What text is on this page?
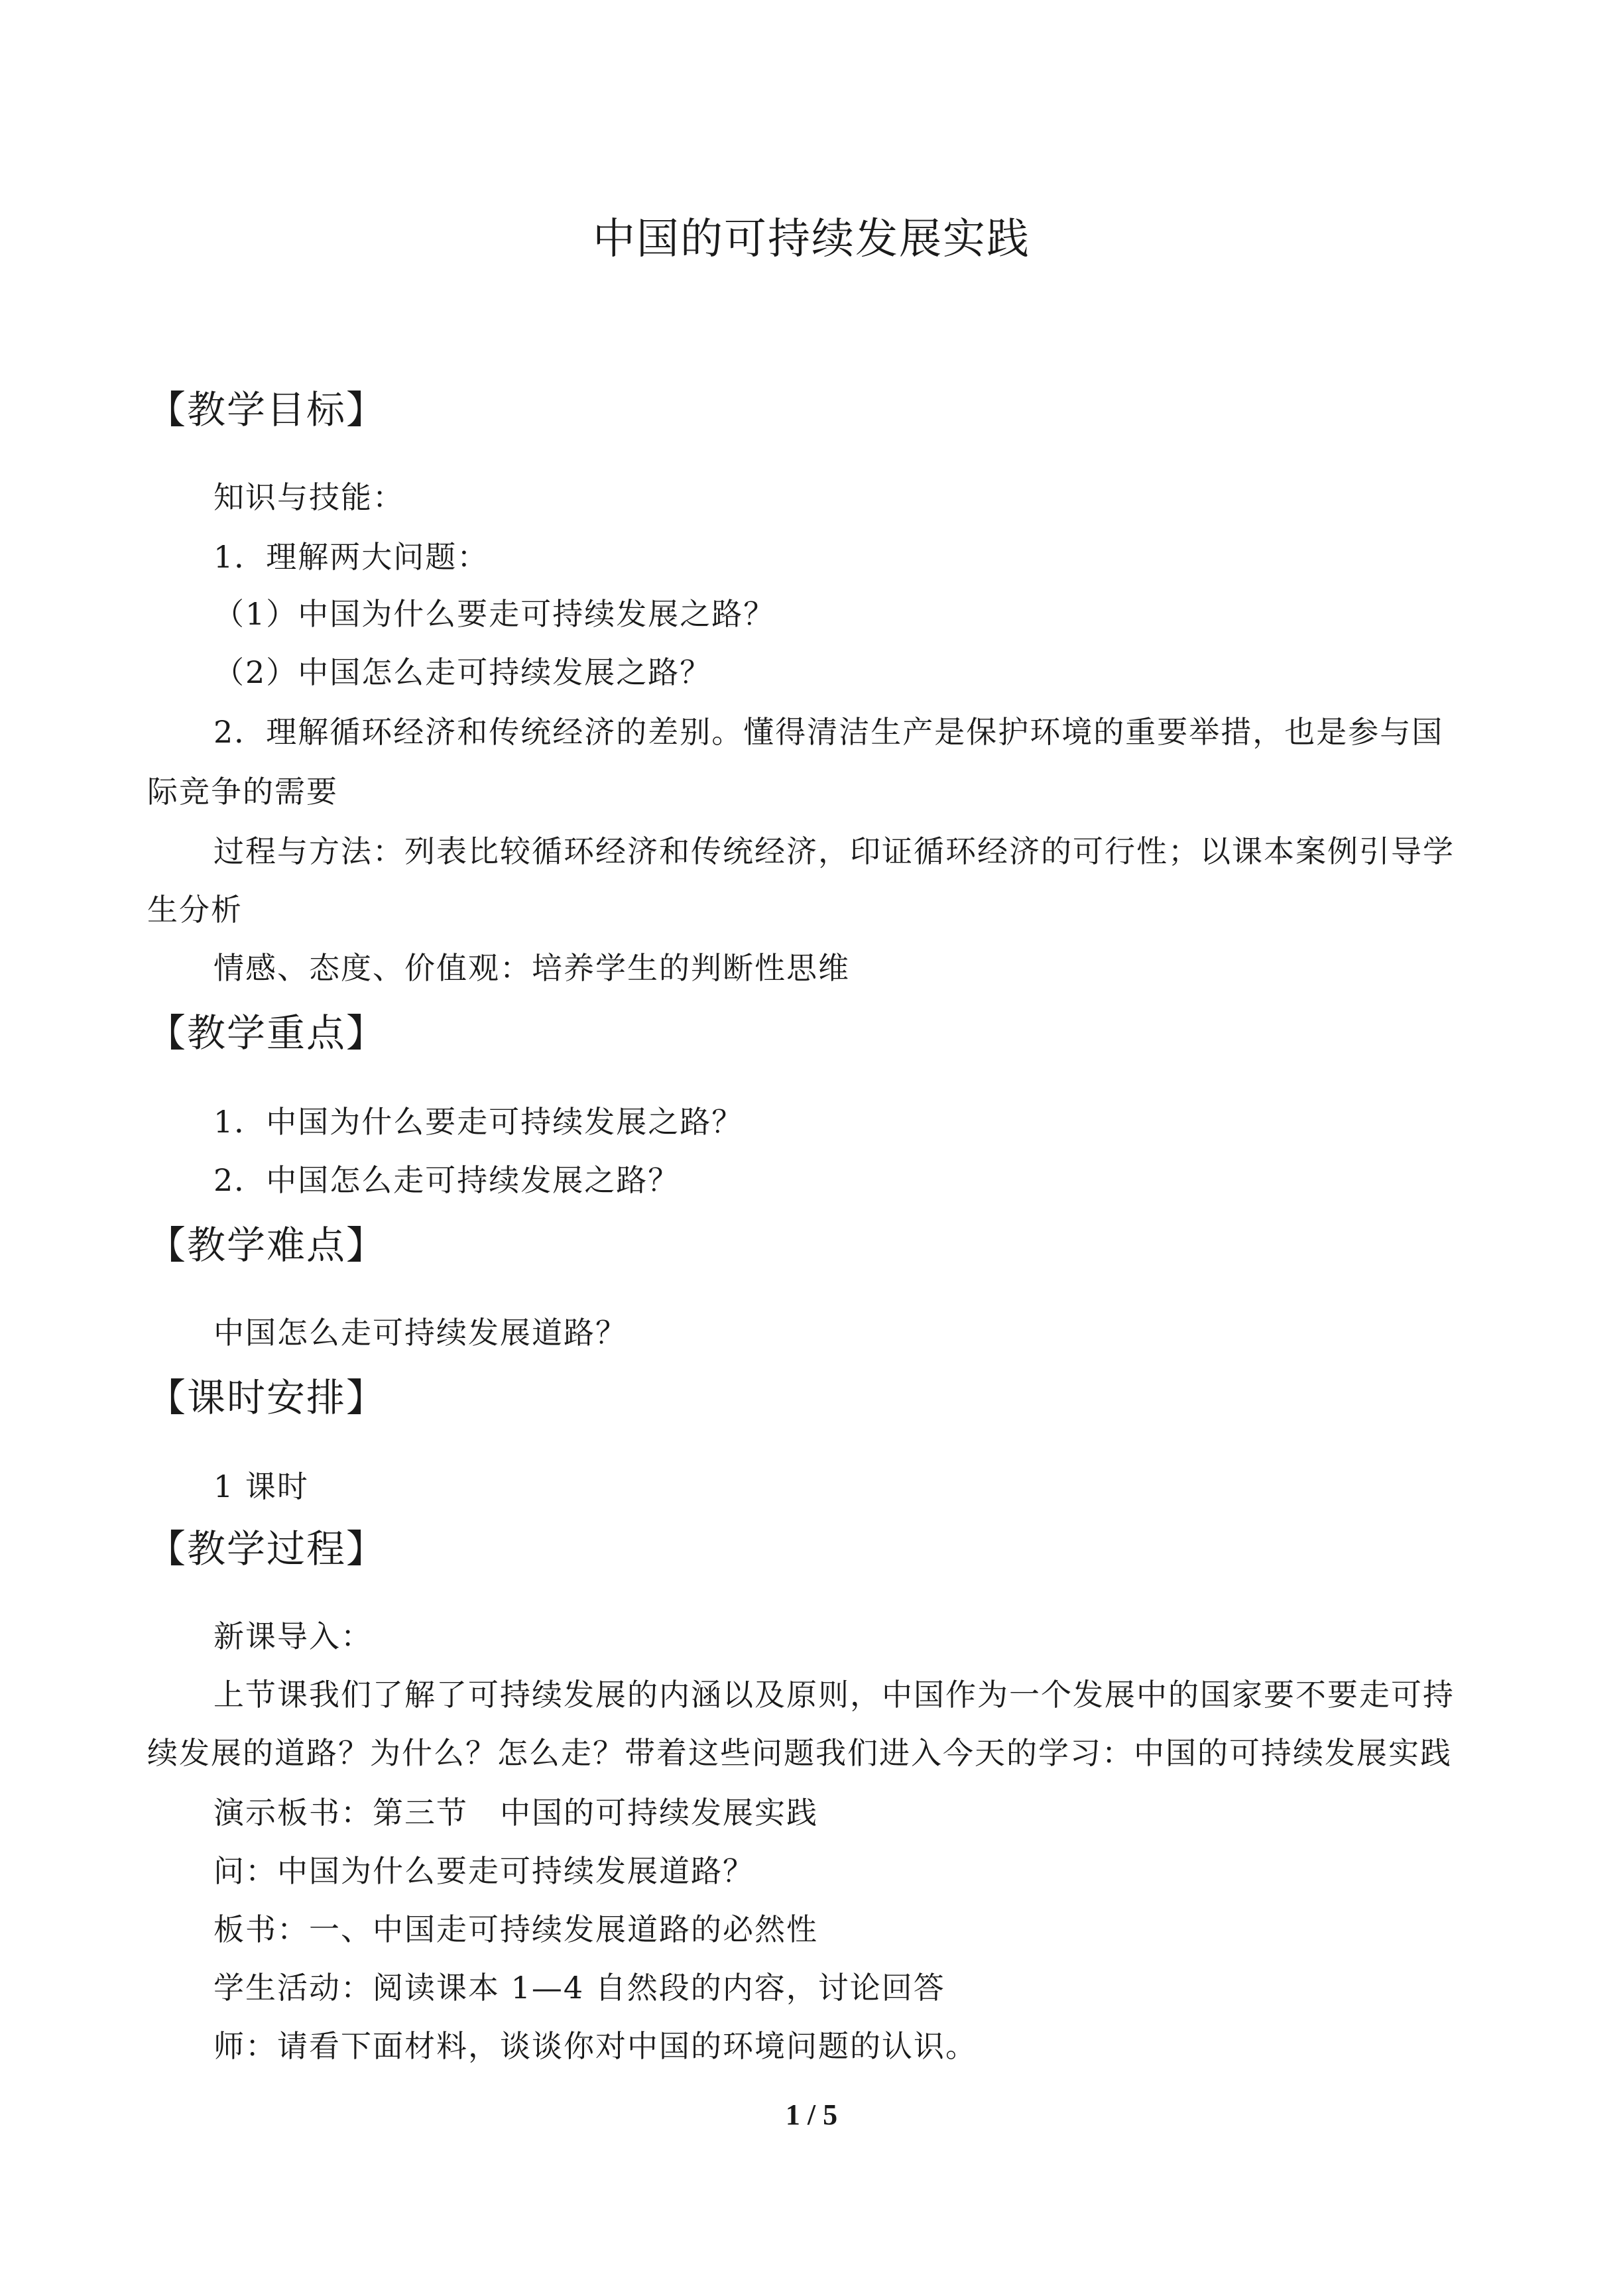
中国的可持续发展实践
【教学目标】
知识与技能：
1．理解两大问题：
（1）中国为什么要走可持续发展之路？
（2）中国怎么走可持续发展之路？
2．理解循环经济和传统经济的差别。懂得清洁生产是保护环境的重要举措，也是参与国
际竞争的需要
过程与方法：列表比较循环经济和传统经济，印证循环经济的可行性；以课本案例引导学
生分析
情感、态度、价值观：培养学生的判断性思维
【教学重点】
1．中国为什么要走可持续发展之路？
2．中国怎么走可持续发展之路？
【教学难点】
中国怎么走可持续发展道路？
【课时安排】
1 课时
【教学过程】
新课导入：
上节课我们了解了可持续发展的内涵以及原则，中国作为一个发展中的国家要不要走可持
续发展的道路？为什么？怎么走？带着这些问题我们进入今天的学习：中国的可持续发展实践
演示板书：第三节　中国的可持续发展实践
问：中国为什么要走可持续发展道路？
板书：一、中国走可持续发展道路的必然性
学生活动：阅读课本 1—4 自然段的内容，讨论回答
师：请看下面材料，谈谈你对中国的环境问题的认识。
1 / 5
